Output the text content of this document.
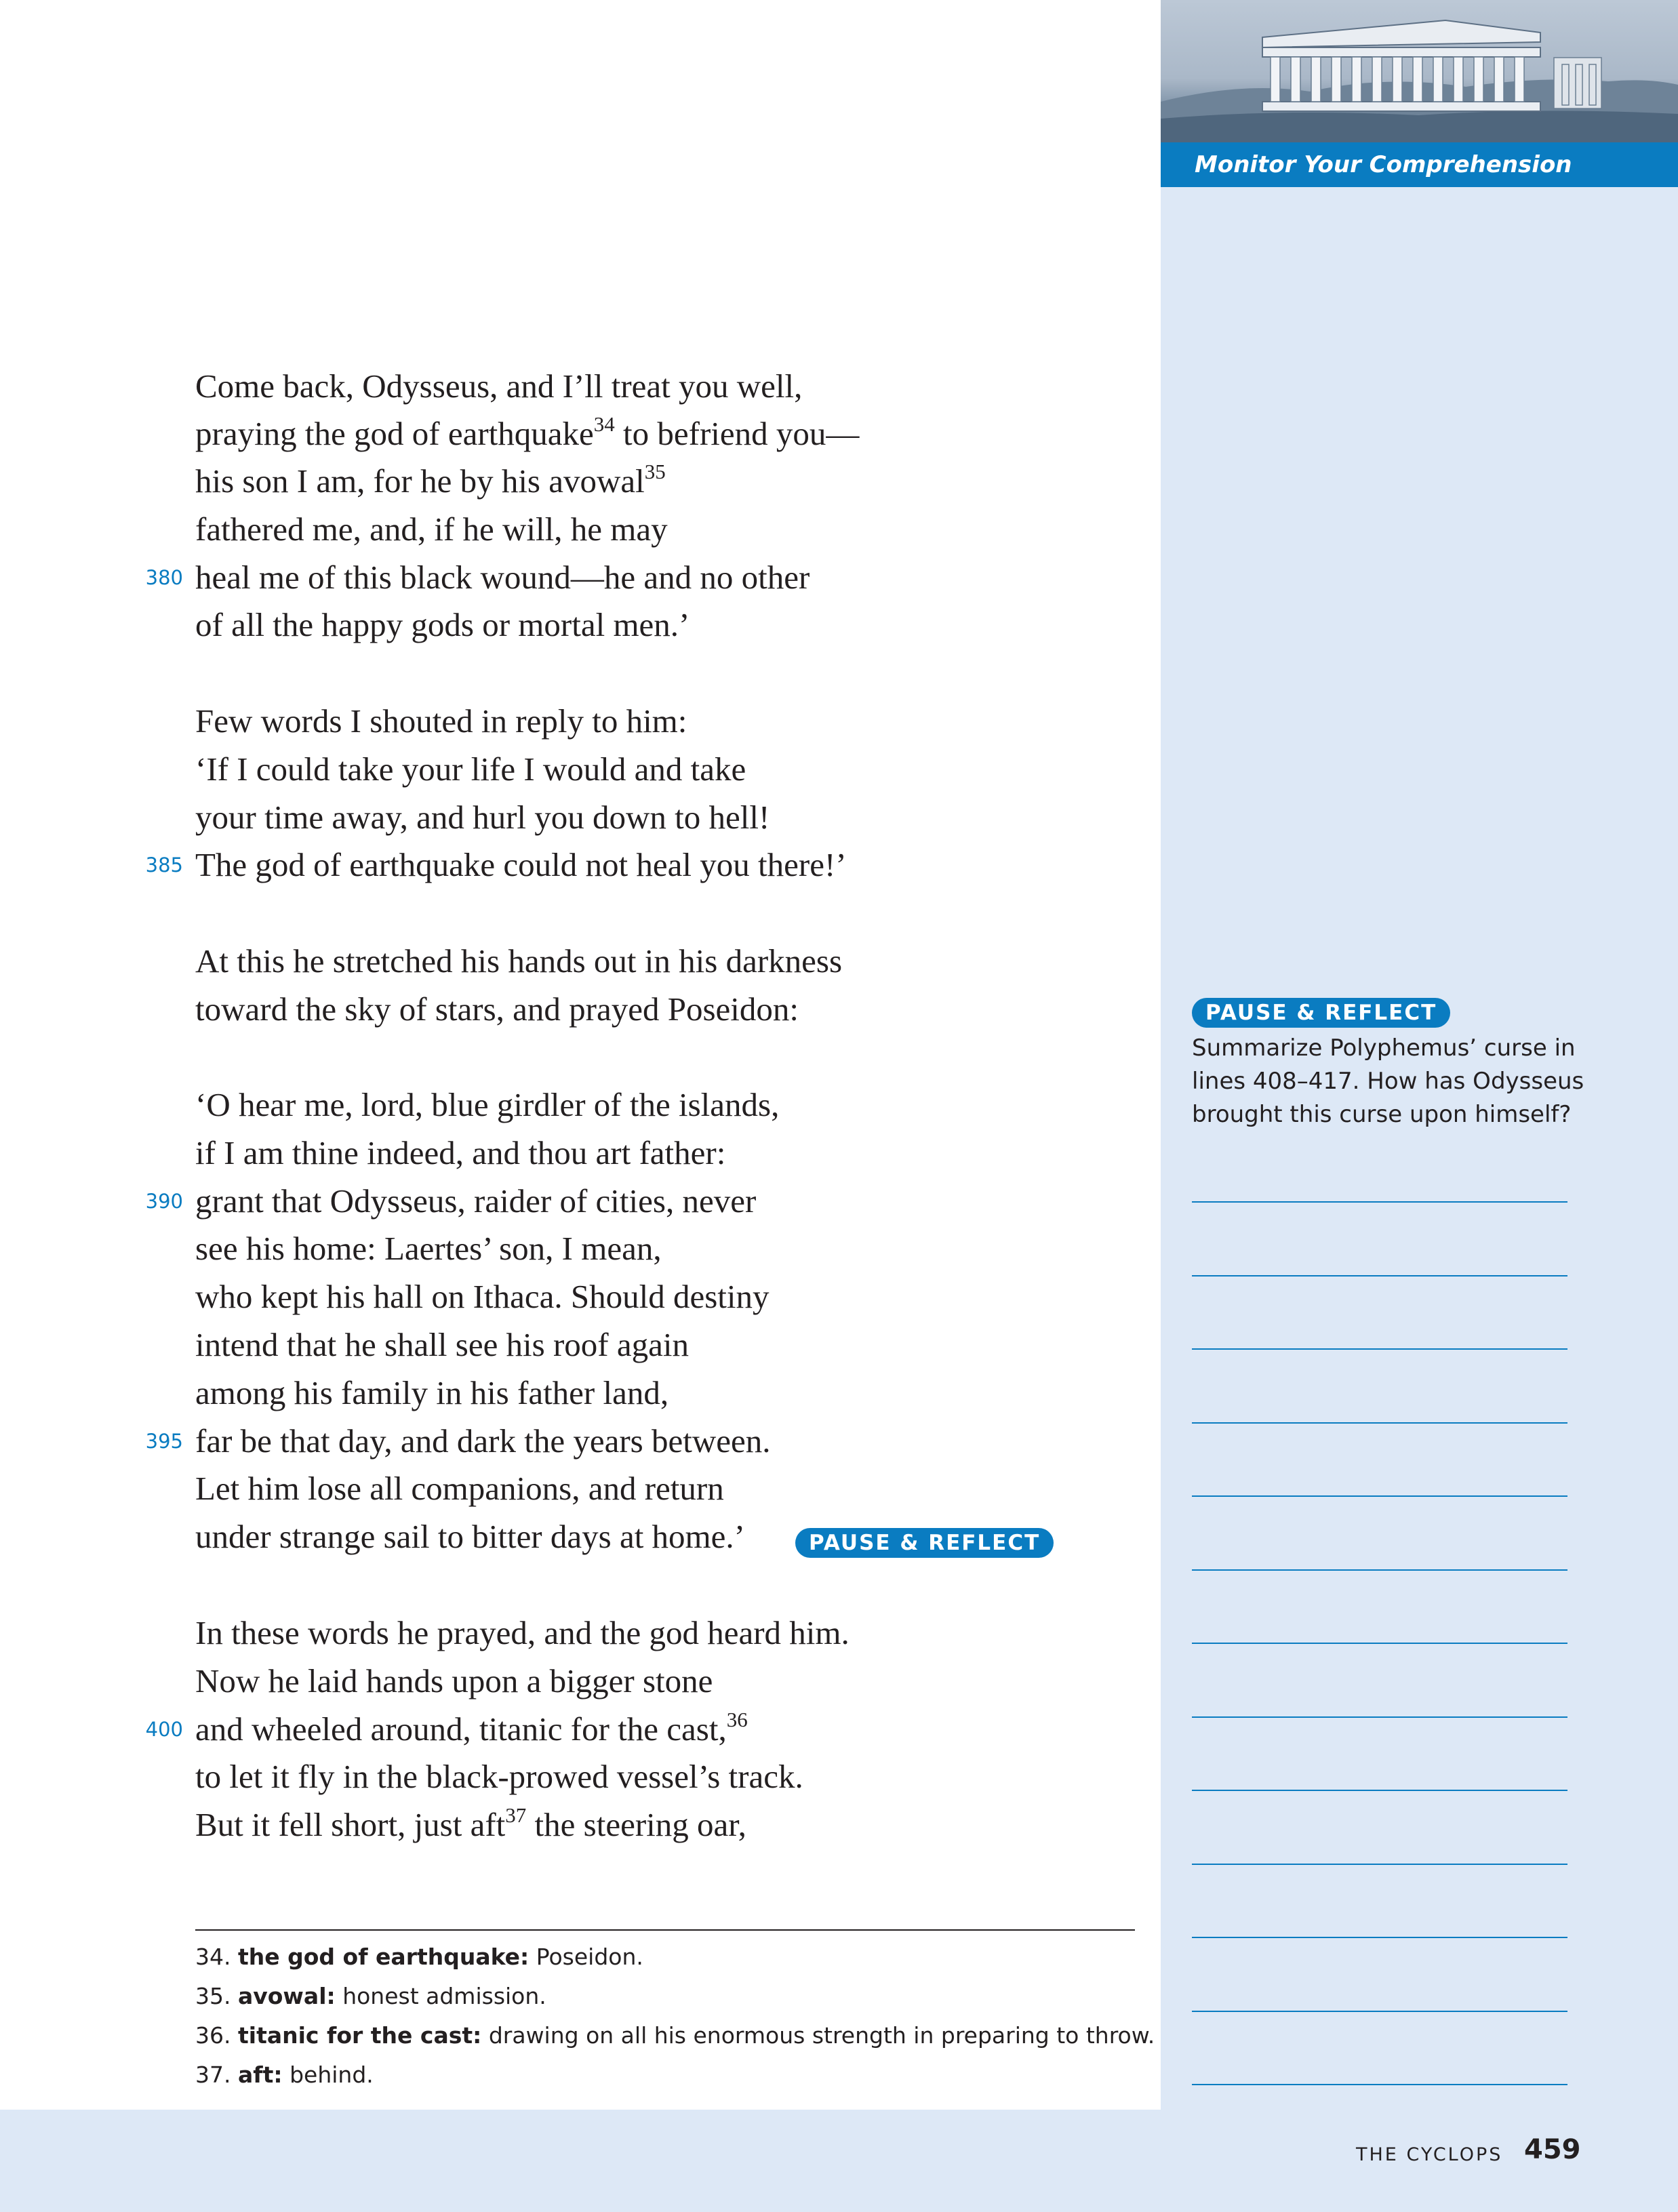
Monitor Your Comprehension
Come back, Odysseus, and I’ll treat you well,
praying the god of earthquake$^{34}$ to befriend you—
his son I am, for he by his avowal$^{35}$
fathered me, and, if he will, he may
heal me of this black wound—he and no other
380
of all the happy gods or mortal men.’
Few words I shouted in reply to him:
‘If I could take your life I would and take
your time away, and hurl you down to hell!
The god of earthquake could not heal you there!’
385
At this he stretched his hands out in his darkness
toward the sky of stars, and prayed Poseidon:
‘O hear me, lord, blue girdler of the islands,
if I am thine indeed, and thou art father:
grant that Odysseus, raider of cities, never
390
see his home: Laertes’ son, I mean,
who kept his hall on Ithaca. Should destiny
intend that he shall see his roof again
among his family in his father land,
far be that day, and dark the years between.
395
Let him lose all companions, and return
under strange sail to bitter days at home.’
In these words he prayed, and the god heard him.
Now he laid hands upon a bigger stone
and wheeled around, titanic for the cast,$^{36}$
400
to let it fly in the black-prowed vessel’s track.
But it fell short, just aft$^{37}$ the steering oar,
PAUSE & REFLECT
PAUSE & REFLECT
Summarize Polyphemus’ curse in lines 408–417. How has Odysseus brought this curse upon himself?
34. the god of earthquake: Poseidon.
35. avowal: honest admission.
36. titanic for the cast: drawing on all his enormous strength in preparing to throw.
37. aft: behind.
THE CYCLOPS 459
